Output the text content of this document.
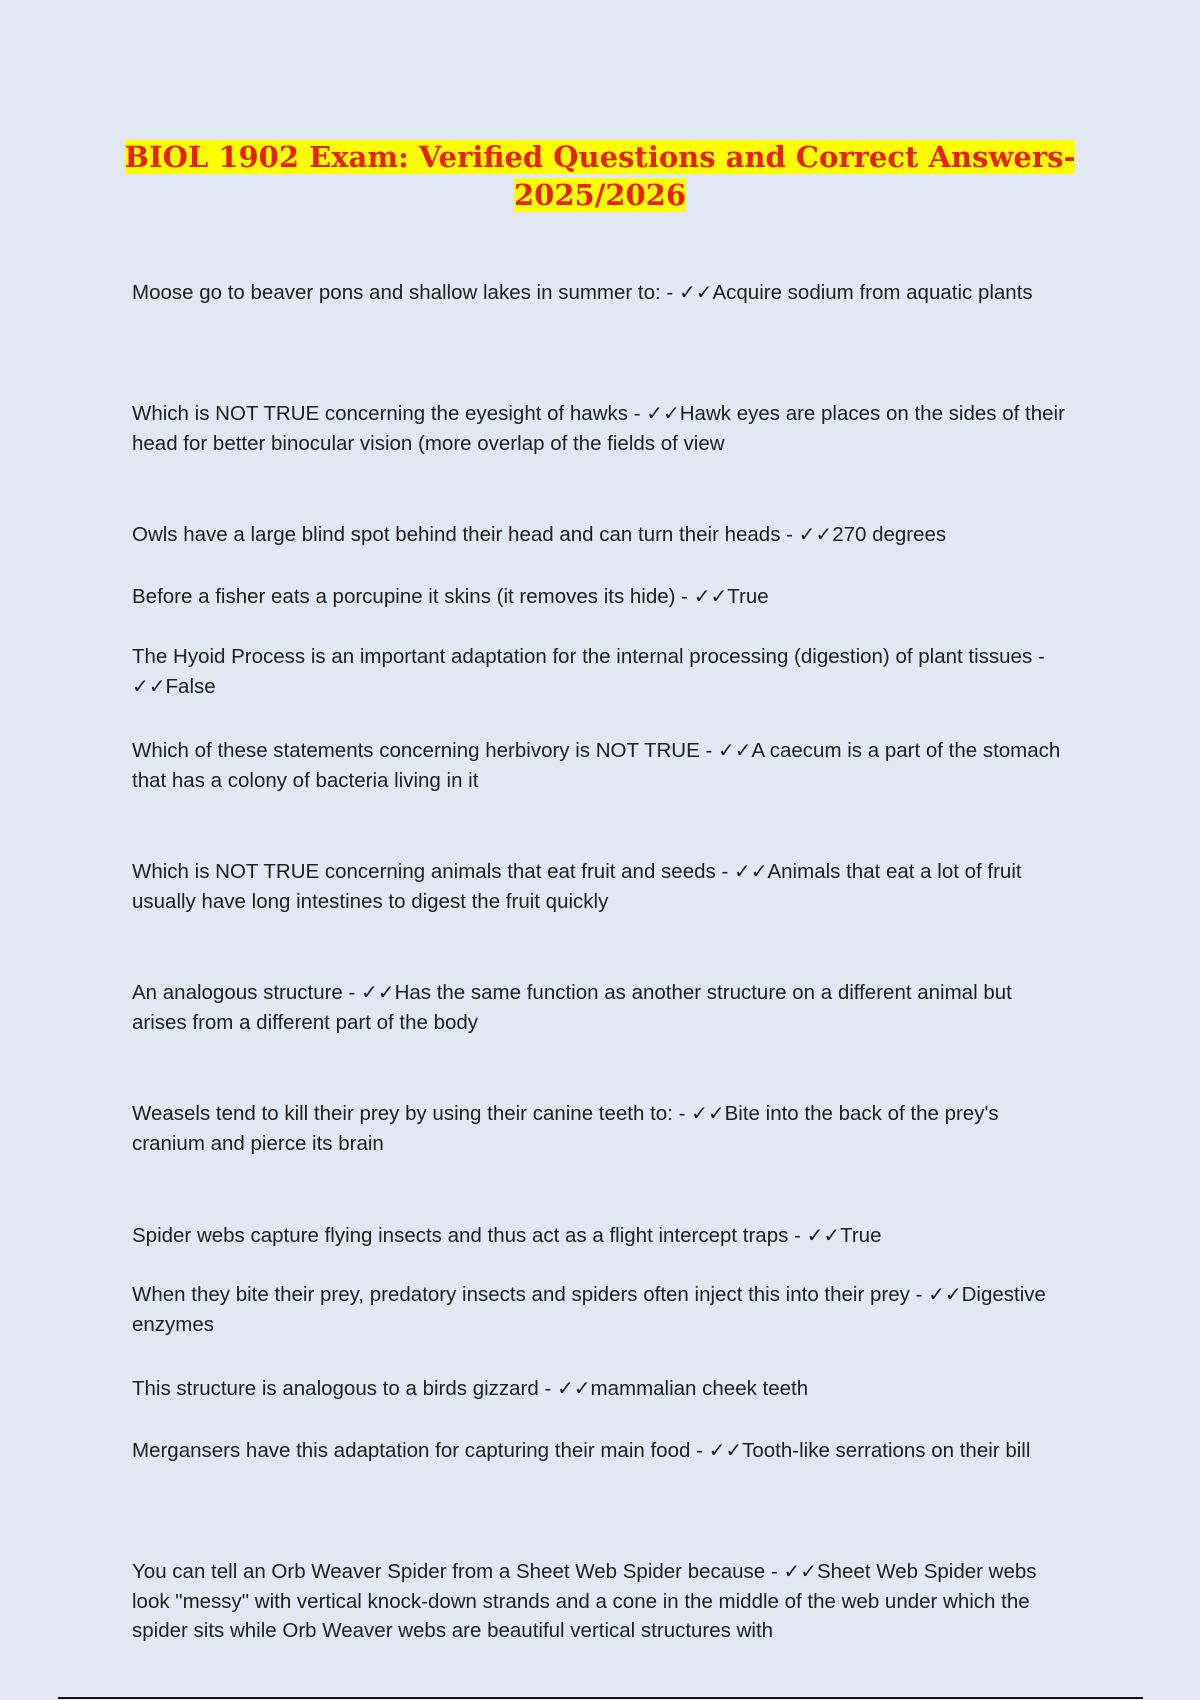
BIOL 1902 Exam: Verified Questions and Correct Answers-
2025/2026

Moose go to beaver pons and shallow lakes in summer to: - ✓✓Acquire sodium from aquatic plants

Which is NOT TRUE concerning the eyesight of hawks - ✓✓Hawk eyes are places on the sides of their head for better binocular vision (more overlap of the fields of view

Owls have a large blind spot behind their head and can turn their heads - ✓✓270 degrees

Before a fisher eats a porcupine it skins (it removes its hide) - ✓✓True

The Hyoid Process is an important adaptation for the internal processing (digestion) of plant tissues - ✓✓False

Which of these statements concerning herbivory is NOT TRUE - ✓✓A caecum is a part of the stomach that has a colony of bacteria living in it

Which is NOT TRUE concerning animals that eat fruit and seeds - ✓✓Animals that eat a lot of fruit usually have long intestines to digest the fruit quickly

An analogous structure - ✓✓Has the same function as another structure on a different animal but arises from a different part of the body

Weasels tend to kill their prey by using their canine teeth to: - ✓✓Bite into the back of the prey's cranium and pierce its brain

Spider webs capture flying insects and thus act as a flight intercept traps - ✓✓True

When they bite their prey, predatory insects and spiders often inject this into their prey - ✓✓Digestive enzymes

This structure is analogous to a birds gizzard - ✓✓mammalian cheek teeth

Mergansers have this adaptation for capturing their main food - ✓✓Tooth-like serrations on their bill

You can tell an Orb Weaver Spider from a Sheet Web Spider because - ✓✓Sheet Web Spider webs look "messy" with vertical knock-down strands and a cone in the middle of the web under which the spider sits while Orb Weaver webs are beautiful vertical structures with
